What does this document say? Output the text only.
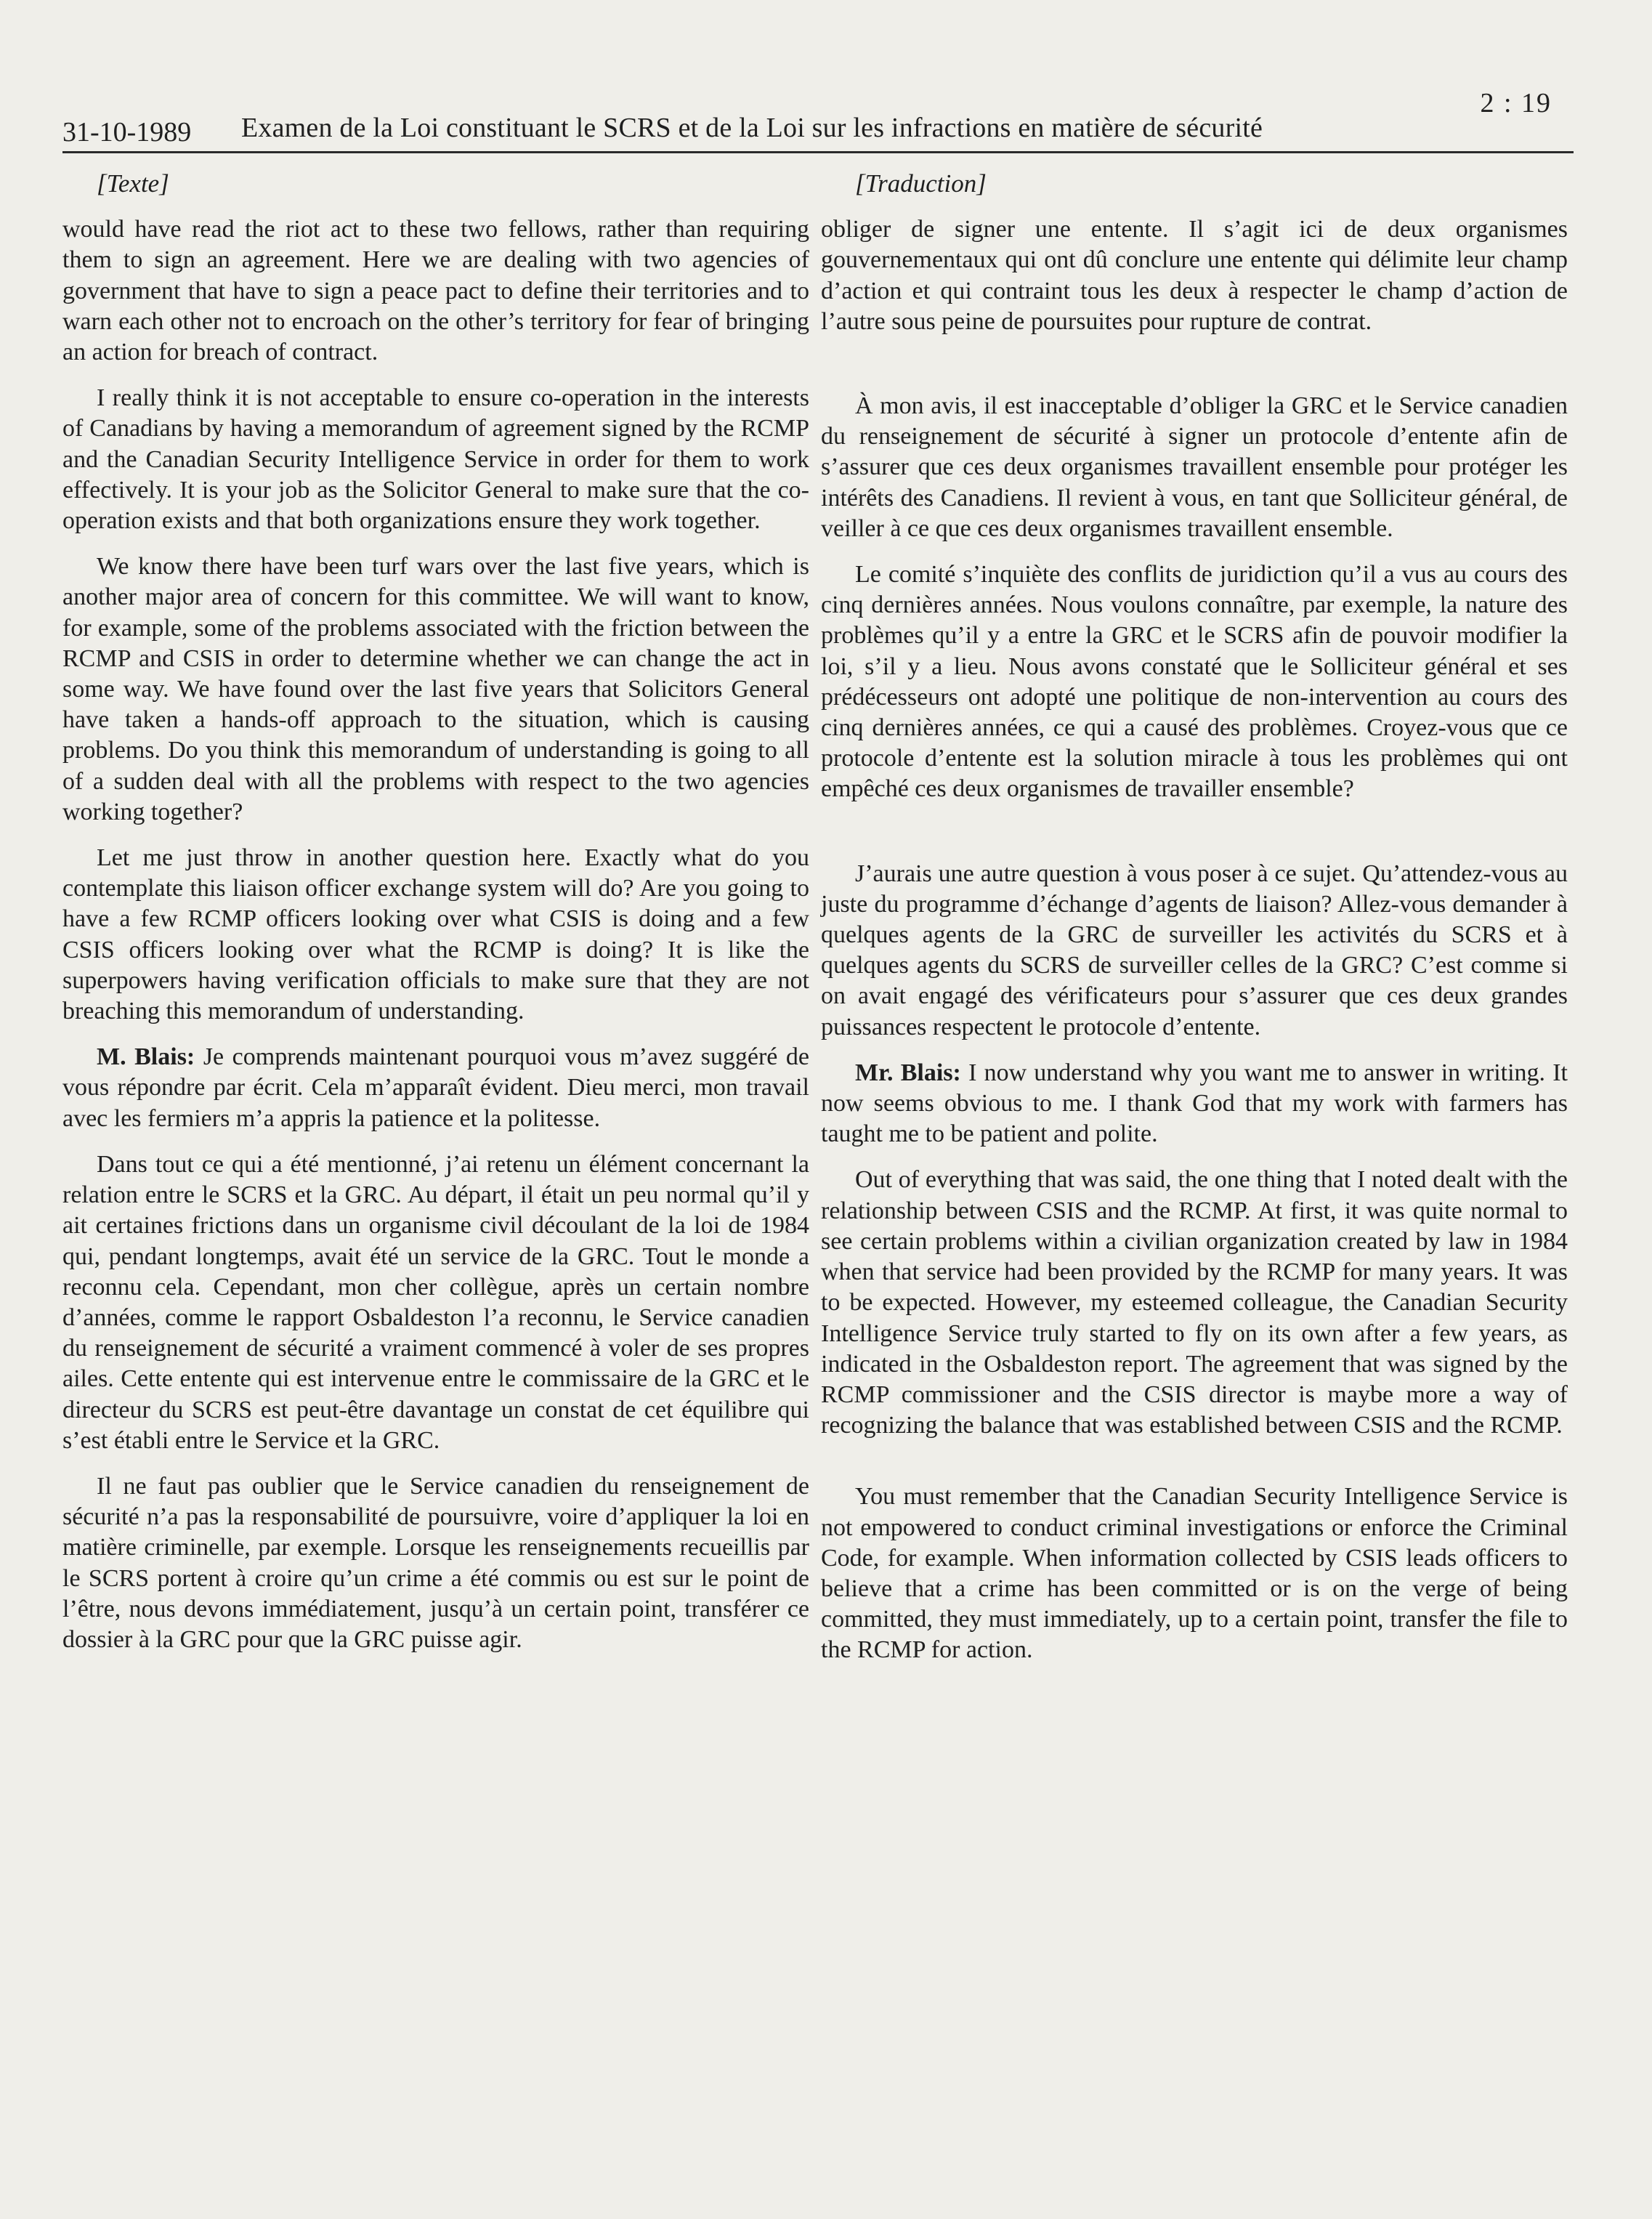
31-10-1989 Examen de la Loi constituant le SCRS et de la Loi sur les infractions en matière de sécurité
2 : 19

[Texte]

would have read the riot act to these two fellows, rather than requiring them to sign an agreement. Here we are dealing with two agencies of government that have to sign a peace pact to define their territories and to warn each other not to encroach on the other’s territory for fear of bringing an action for breach of contract.

I really think it is not acceptable to ensure co-operation in the interests of Canadians by having a memorandum of agreement signed by the RCMP and the Canadian Security Intelligence Service in order for them to work effectively. It is your job as the Solicitor General to make sure that the co-operation exists and that both organizations ensure they work together.

We know there have been turf wars over the last five years, which is another major area of concern for this committee. We will want to know, for example, some of the problems associated with the friction between the RCMP and CSIS in order to determine whether we can change the act in some way. We have found over the last five years that Solicitors General have taken a hands-off approach to the situation, which is causing problems. Do you think this memorandum of understanding is going to all of a sudden deal with all the problems with respect to the two agencies working together?

Let me just throw in another question here. Exactly what do you contemplate this liaison officer exchange system will do? Are you going to have a few RCMP officers looking over what CSIS is doing and a few CSIS officers looking over what the RCMP is doing? It is like the superpowers having verification officials to make sure that they are not breaching this memorandum of understanding.

M. Blais: Je comprends maintenant pourquoi vous m’avez suggéré de vous répondre par écrit. Cela m’apparaît évident. Dieu merci, mon travail avec les fermiers m’a appris la patience et la politesse.

Dans tout ce qui a été mentionné, j’ai retenu un élément concernant la relation entre le SCRS et la GRC. Au départ, il était un peu normal qu’il y ait certaines frictions dans un organisme civil découlant de la loi de 1984 qui, pendant longtemps, avait été un service de la GRC. Tout le monde a reconnu cela. Cependant, mon cher collègue, après un certain nombre d’années, comme le rapport Osbaldeston l’a reconnu, le Service canadien du renseignement de sécurité a vraiment commencé à voler de ses propres ailes. Cette entente qui est intervenue entre le commissaire de la GRC et le directeur du SCRS est peut-être davantage un constat de cet équilibre qui s’est établi entre le Service et la GRC.

Il ne faut pas oublier que le Service canadien du renseignement de sécurité n’a pas la responsabilité de poursuivre, voire d’appliquer la loi en matière criminelle, par exemple. Lorsque les renseignements recueillis par le SCRS portent à croire qu’un crime a été commis ou est sur le point de l’être, nous devons immédiatement, jusqu’à un certain point, transférer ce dossier à la GRC pour que la GRC puisse agir.

[Traduction]

obliger de signer une entente. Il s’agit ici de deux organismes gouvernementaux qui ont dû conclure une entente qui délimite leur champ d’action et qui contraint tous les deux à respecter le champ d’action de l’autre sous peine de poursuites pour rupture de contrat.

À mon avis, il est inacceptable d’obliger la GRC et le Service canadien du renseignement de sécurité à signer un protocole d’entente afin de s’assurer que ces deux organismes travaillent ensemble pour protéger les intérêts des Canadiens. Il revient à vous, en tant que Solliciteur général, de veiller à ce que ces deux organismes travaillent ensemble.

Le comité s’inquiète des conflits de juridiction qu’il a vus au cours des cinq dernières années. Nous voulons connaître, par exemple, la nature des problèmes qu’il y a entre la GRC et le SCRS afin de pouvoir modifier la loi, s’il y a lieu. Nous avons constaté que le Solliciteur général et ses prédécesseurs ont adopté une politique de non-intervention au cours des cinq dernières années, ce qui a causé des problèmes. Croyez-vous que ce protocole d’entente est la solution miracle à tous les problèmes qui ont empêché ces deux organismes de travailler ensemble?

J’aurais une autre question à vous poser à ce sujet. Qu’attendez-vous au juste du programme d’échange d’agents de liaison? Allez-vous demander à quelques agents de la GRC de surveiller les activités du SCRS et à quelques agents du SCRS de surveiller celles de la GRC? C’est comme si on avait engagé des vérificateurs pour s’assurer que ces deux grandes puissances respectent le protocole d’entente.

Mr. Blais: I now understand why you want me to answer in writing. It now seems obvious to me. I thank God that my work with farmers has taught me to be patient and polite.

Out of everything that was said, the one thing that I noted dealt with the relationship between CSIS and the RCMP. At first, it was quite normal to see certain problems within a civilian organization created by law in 1984 when that service had been provided by the RCMP for many years. It was to be expected. However, my esteemed colleague, the Canadian Security Intelligence Service truly started to fly on its own after a few years, as indicated in the Osbaldeston report. The agreement that was signed by the RCMP commissioner and the CSIS director is maybe more a way of recognizing the balance that was established between CSIS and the RCMP.

You must remember that the Canadian Security Intelligence Service is not empowered to conduct criminal investigations or enforce the Criminal Code, for example. When information collected by CSIS leads officers to believe that a crime has been committed or is on the verge of being committed, they must immediately, up to a certain point, transfer the file to the RCMP for action.
